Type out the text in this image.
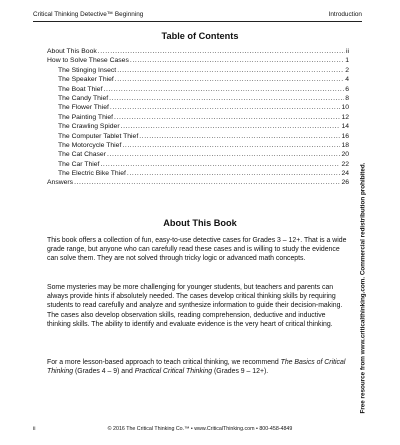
Critical Thinking Detective™ Beginning	Introduction
Table of Contents
About This Book .....	ii
How to Solve These Cases .....	1
The Stinging Insect .....	2
The Speaker Thief .....	4
The Boat Thief .....	6
The Candy Thief .....	8
The Flower Thief .....	10
The Painting Thief .....	12
The Crawling Spider .....	14
The Computer Tablet Thief .....	16
The Motorcycle Thief .....	18
The Cat Chaser .....	20
The Car Thief .....	22
The Electric Bike Thief .....	24
Answers .....	26
About This Book

This book offers a collection of fun, easy-to-use detective cases for Grades 3 – 12+. That is a wide grade range, but anyone who can carefully read these cases and is willing to study the evidence can solve them. They are not solved through tricky logic or advanced math concepts.

Some mysteries may be more challenging for younger students, but teachers and parents can always provide hints if absolutely needed. The cases develop critical thinking skills by requiring students to read carefully and analyze and synthesize information to guide their decision-making. The cases also develop observation skills, reading comprehension, deductive and inductive thinking skills. The ability to identify and evaluate evidence is the very heart of critical thinking.

For a more lesson-based approach to teach critical thinking, we recommend The Basics of Critical Thinking (Grades 4 – 9) and Practical Critical Thinking (Grades 9 – 12+).	Free resource from www.criticalthinking.com. Commercial redistribution prohibited.
ii	© 2016 The Critical Thinking Co.™ • www.CriticalThinking.com • 800-458-4849
